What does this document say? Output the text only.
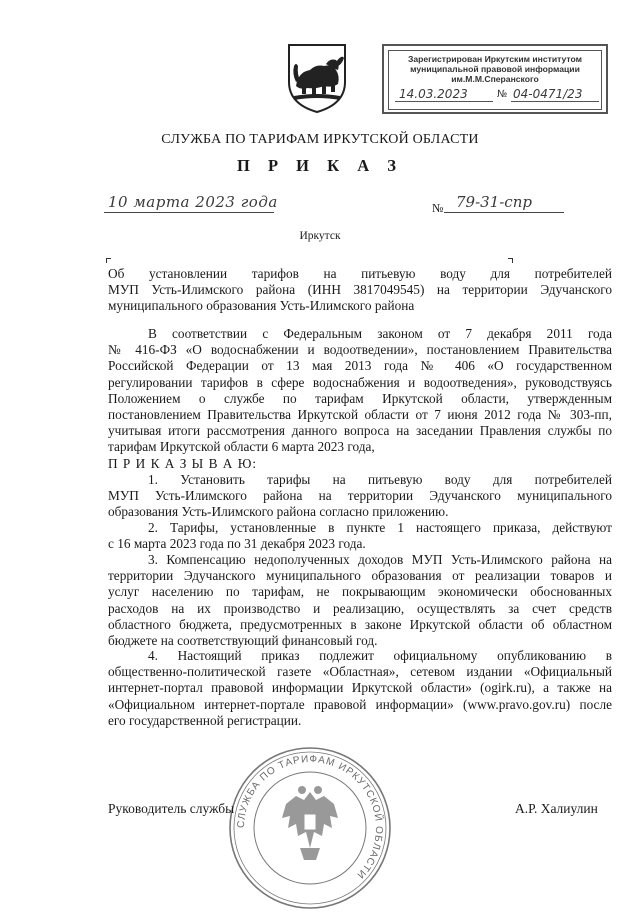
Зарегистрирован Иркутским институтом
муниципальной правовой информации
им.М.М.Сперанского
14.03.2023	№ 04-0471/23
СЛУЖБА ПО ТАРИФАМ ИРКУТСКОЙ ОБЛАСТИ
П Р И К А З
10 марта 2023 года	№ 79-31-спр
Иркутск
Об установлении тарифов на питьевую воду для потребителей
МУП Усть-Илимского района (ИНН 3817049545) на территории Эдучанского
муниципального образования Усть-Илимского района
В соответствии с Федеральным законом от 7 декабря 2011 года
№ 416-ФЗ «О водоснабжении и водоотведении», постановлением Правительства
Российской Федерации от 13 мая 2013 года № 406 «О государственном
регулировании тарифов в сфере водоснабжения и водоотведения», руководствуясь
Положением о службе по тарифам Иркутской области, утвержденным
постановлением Правительства Иркутской области от 7 июня 2012 года № 303-пп,
учитывая итоги рассмотрения данного вопроса на заседании Правления службы по
тарифам Иркутской области 6 марта 2023 года,
П Р И К А З Ы В А Ю:
1. Установить тарифы на питьевую воду для потребителей
МУП Усть-Илимского района на территории Эдучанского муниципального
образования Усть-Илимского района согласно приложению.
2. Тарифы, установленные в пункте 1 настоящего приказа, действуют
с 16 марта 2023 года по 31 декабря 2023 года.
3. Компенсацию недополученных доходов МУП Усть-Илимского района на
территории Эдучанского муниципального образования от реализации товаров и
услуг населению по тарифам, не покрывающим экономически обоснованных
расходов на их производство и реализацию, осуществлять за счет средств
областного бюджета, предусмотренных в законе Иркутской области об областном
бюджете на соответствующий финансовый год.
4. Настоящий приказ подлежит официальному опубликованию в
общественно-политической газете «Областная», сетевом издании «Официальный
интернет-портал правовой информации Иркутской области» (ogirk.ru), а также на
«Официальном интернет-портале правовой информации» (www.pravo.gov.ru) после
его государственной регистрации.
СЛУЖБА ПО ТАРИФАМ ИРКУТСКОЙ ОБЛАСТИ
Руководитель службы	А.Р. Халиулин
